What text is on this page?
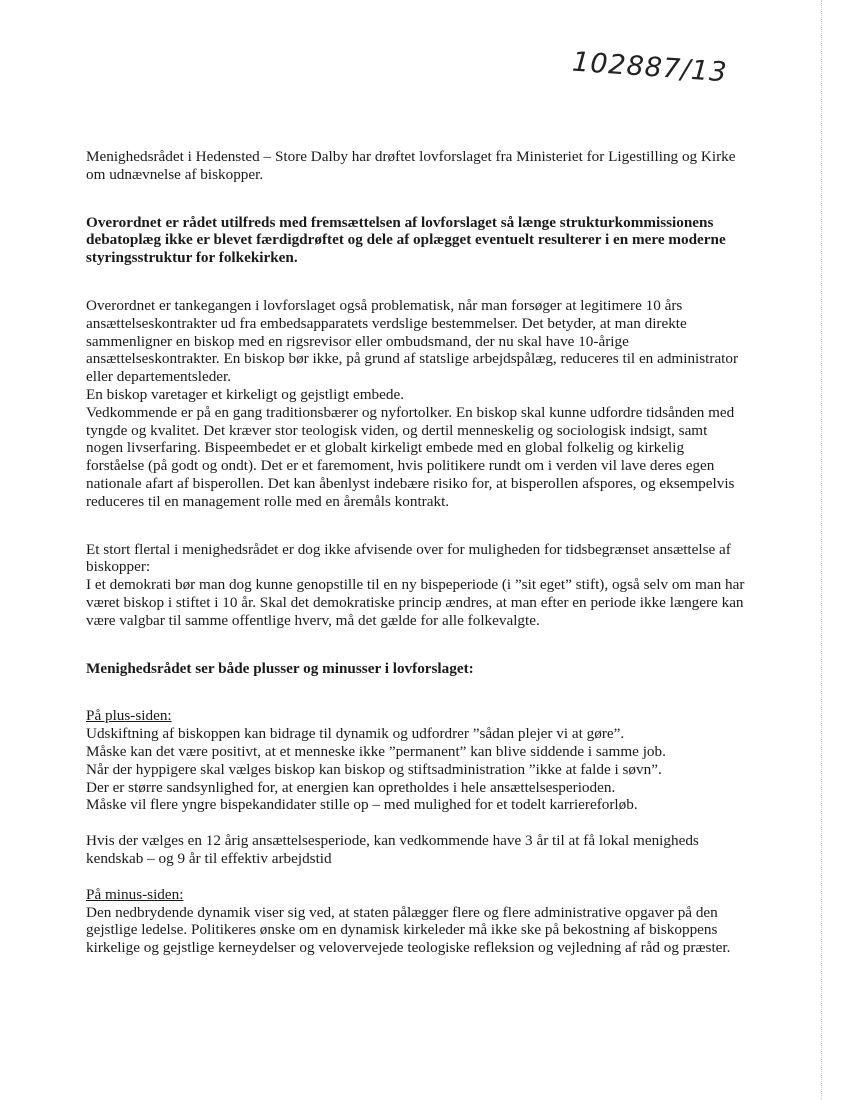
102887/13

Menighedsrådet i Hedensted – Store Dalby har drøftet lovforslaget fra Ministeriet for Ligestilling og Kirke om udnævnelse af biskopper.

Overordnet er rådet utilfreds med fremsættelsen af lovforslaget så længe strukturkommissionens debatoplæg ikke er blevet færdigdrøftet og dele af oplægget eventuelt resulterer i en mere moderne styringsstruktur for folkekirken.

Overordnet er tankegangen i lovforslaget også problematisk, når man forsøger at legitimere 10 års ansættelseskontrakter ud fra embedsapparatets verdslige bestemmelser. Det betyder, at man direkte sammenligner en biskop med en rigsrevisor eller ombudsmand, der nu skal have 10-årige ansættelseskontrakter. En biskop bør ikke, på grund af statslige arbejdspålæg, reduceres til en administrator eller departementsleder.

En biskop varetager et kirkeligt og gejstligt embede.

Vedkommende er på en gang traditionsbærer og nyfortolker. En biskop skal kunne udfordre tidsånden med tyngde og kvalitet. Det kræver stor teologisk viden, og dertil menneskelig og sociologisk indsigt, samt nogen livserfaring. Bispeembedet er et globalt kirkeligt embede med en global folkelig og kirkelig forståelse (på godt og ondt). Det er et faremoment, hvis politikere rundt om i verden vil lave deres egen nationale afart af bisperollen. Det kan åbenlyst indebære risiko for, at bisperollen afspores, og eksempelvis reduceres til en management rolle med en åremåls kontrakt.

Et stort flertal i menighedsrådet er dog ikke afvisende over for muligheden for tidsbegrænset ansættelse af biskopper:

I et demokrati bør man dog kunne genopstille til en ny bispeperiode (i ”sit eget” stift), også selv om man har været biskop i stiftet i 10 år. Skal det demokratiske princip ændres, at man efter en periode ikke længere kan være valgbar til samme offentlige hverv, må det gælde for alle folkevalgte.

Menighedsrådet ser både plusser og minusser i lovforslaget:

På plus-siden:

Udskiftning af biskoppen kan bidrage til dynamik og udfordrer ”sådan plejer vi at gøre”.

Måske kan det være positivt, at et menneske ikke ”permanent” kan blive siddende i samme job.

Når der hyppigere skal vælges biskop kan biskop og stiftsadministration ”ikke at falde i søvn”.

Der er større sandsynlighed for, at energien kan opretholdes i hele ansættelsesperioden.

Måske vil flere yngre bispekandidater stille op – med mulighed for et todelt karriereforløb.

Hvis der vælges en 12 årig ansættelsesperiode, kan vedkommende have 3 år til at få lokal menigheds kendskab – og 9 år til effektiv arbejdstid

På minus-siden:

Den nedbrydende dynamik viser sig ved, at staten pålægger flere og flere administrative opgaver på den gejstlige ledelse. Politikeres ønske om en dynamisk kirkeleder må ikke ske på bekostning af biskoppens kirkelige og gejstlige kerneydelser og velovervejede teologiske refleksion og vejledning af råd og præster.
